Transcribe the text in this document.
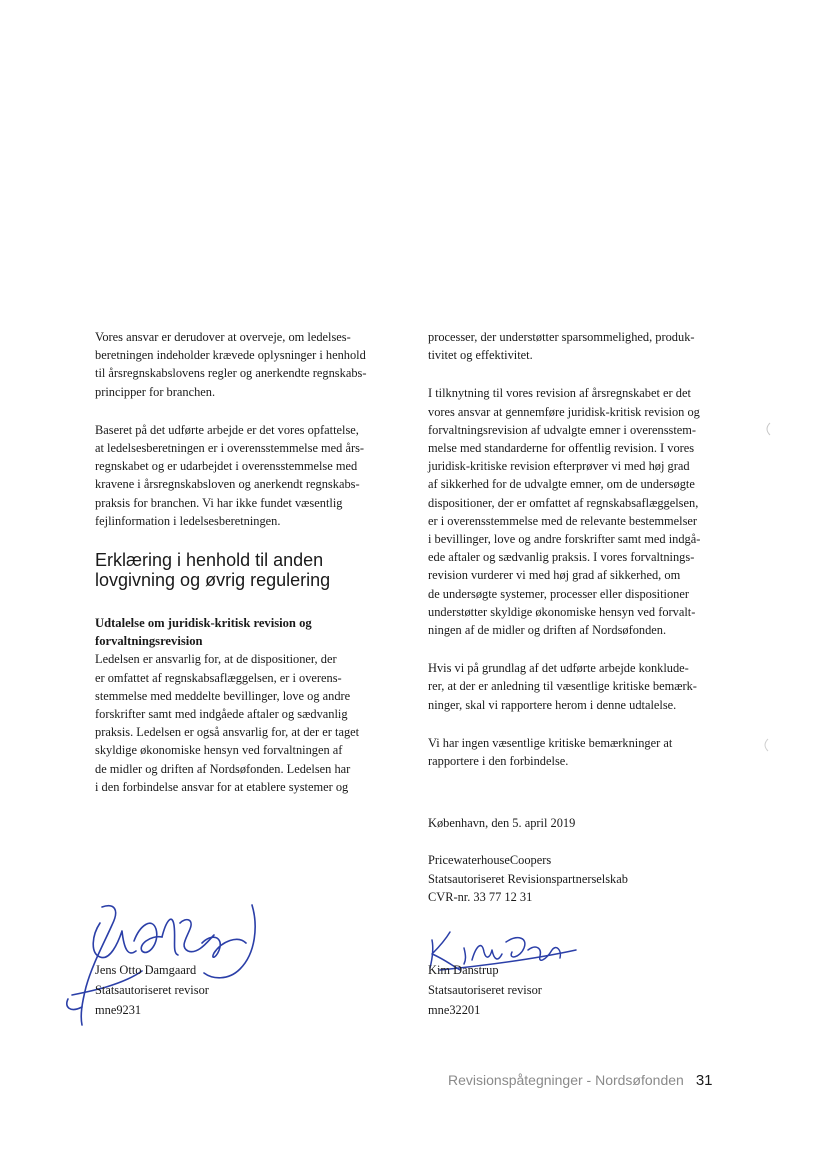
Vores ansvar er derudover at overveje, om ledelses-
beretningen indeholder krævede oplysninger i henhold
til årsregnskabslovens regler og anerkendte regnskabs-
principper for branchen.

Baseret på det udførte arbejde er det vores opfattelse,
at ledelsesberetningen er i overensstemmelse med års-
regnskabet og er udarbejdet i overensstemmelse med
kravene i årsregnskabsloven og anerkendt regnskabs-
praksis for branchen. Vi har ikke fundet væsentlig
fejlinformation i ledelsesberetningen.

Erklæring i henhold til anden
lovgivning og øvrig regulering
Udtalelse om juridisk-kritisk revision og
forvaltningsrevision

Ledelsen er ansvarlig for, at de dispositioner, der
er omfattet af regnskabsaflæggelsen, er i overens-
stemmelse med meddelte bevillinger, love og andre
forskrifter samt med indgåede aftaler og sædvanlig
praksis. Ledelsen er også ansvarlig for, at der er taget
skyldige økonomiske hensyn ved forvaltningen af
de midler og driften af Nordsøfonden. Ledelsen har
i den forbindelse ansvar for at etablere systemer og

processer, der understøtter sparsommelighed, produk-
tivitet og effektivitet.

I tilknytning til vores revision af årsregnskabet er det
vores ansvar at gennemføre juridisk-kritisk revision og
forvaltningsrevision af udvalgte emner i overensstem-
melse med standarderne for offentlig revision. I vores
juridisk-kritiske revision efterprøver vi med høj grad
af sikkerhed for de udvalgte emner, om de undersøgte
dispositioner, der er omfattet af regnskabsaflæggelsen,
er i overensstemmelse med de relevante bestemmelser
i bevillinger, love og andre forskrifter samt med indgå-
ede aftaler og sædvanlig praksis. I vores forvaltnings-
revision vurderer vi med høj grad af sikkerhed, om
de undersøgte systemer, processer eller dispositioner
understøtter skyldige økonomiske hensyn ved forvalt-
ningen af de midler og driften af Nordsøfonden.

Hvis vi på grundlag af det udførte arbejde konklude-
rer, at der er anledning til væsentlige kritiske bemærk-
ninger, skal vi rapportere herom i denne udtalelse.

Vi har ingen væsentlige kritiske bemærkninger at
rapportere i den forbindelse.

København, den 5. april 2019
PricewaterhouseCoopers
Statsautoriseret Revisionspartnerselskab
CVR-nr. 33 77 12 31
Jens Otto Damgaard
Statsautoriseret revisor
mne9231
Kim Danstrup
Statsautoriseret revisor
mne32201
Revisionspåtegninger - Nordsøfonden 31
